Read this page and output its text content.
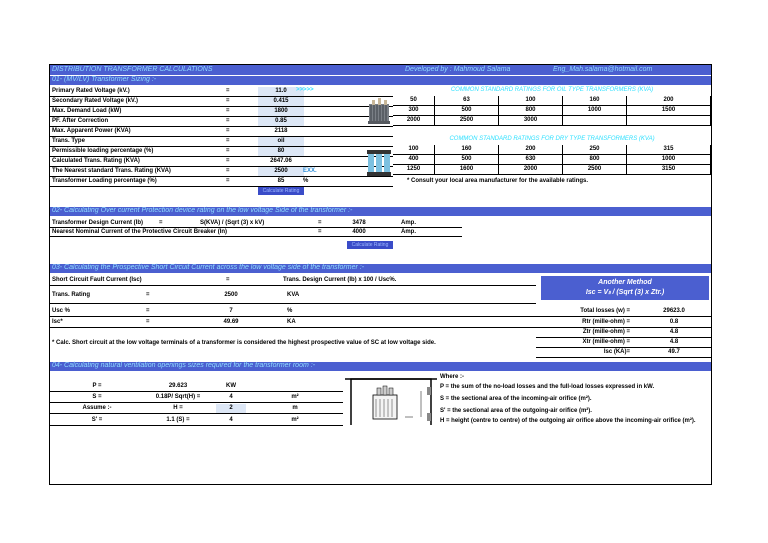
DISTRIBUTION TRANSFORMER CALCULATIONS	Developed by : Mahmoud Salama	Eng_Mah.salama@hotmail.com
01- (MV/LV) Transformer Sizing :-
Primary Rated Voltage (kV.)	=	11.0
Secondary Rated Voltage (kV.)	=	0.415
Max. Demand Load (kW)	=	1800
PF. After Correction	=	0.85
Max. Apparent Power (KVA)	=	2118
Trans. Type	=	oil
Permissible loading percentage (%)	=	80
Calculated Trans. Rating (KVA)	=	2647.06
The Nearest standard Trans. Rating (KVA)	=	2500
Transformer Loading percentage (%)	=	85
>>>>>
EXX.
%
Calculate Rating
COMMON STANDARD RATINGS FOR OIL TYPE TRANSFORMERS (KVA)
50	63	100	160	200
300	500	800	1000	1500
2000	2500	3000
COMMON STANDARD RATINGS FOR DRY TYPE TRANSFORMERS (KVA)
100	160	200	250	315
400	500	630	800	1000
1250	1600	2000	2500	3150
* Consult your local area manufacturer for the available ratings.
02- Calculating Over current Protection device rating on the low voltage Side of the transformer :-
Transformer Design Current (Ib)	=	S(KVA) / (Sqrt (3) x kV)	=	3478	Amp.
Nearest Nominal Current of the Protective Circuit Breaker (In)	=	4000	Amp.
Calculate Rating
03- Calculating the Prospective Short Circuit Current across the low voltage side of the transformer :-
Short Circuit Fault Current (Isc)	=	Trans. Design Current (Ib) x 100 / Usc%.
Trans. Rating	=	2500	KVA
Usc %	=	7	%
Isc*	=	49.69	KA
* Calc. Short circuit at the low voltage terminals of a transformer is considered the highest prospective value of SC at low voltage side.
Another Method
Isc = Vₗₗ / (Sqrt (3) x Ztr.)
Total losses (w) =	29623.0
Rtr (mille-ohm) =	0.8
Ztr (mille-ohm) =	4.8
Xtr (mille-ohm) =	4.8
Isc (KA)=	49.7
04- Calculating natural ventilation openings sizes required for the transformer room :-
P =	29.623	KW
S =	0.18P/ Sqrt(H) =	4	m²
Assume :-	H =	2	m
S' =	1.1 (S) =	4	m²
Where :-
P = the sum of the no-load losses and the full-load losses expressed in kW.
S = the sectional area of the incoming-air orifice (m²).
S' = the sectional area of the outgoing-air orifice (m²).
H = height (centre to centre) of the outgoing air orifice above the incoming-air orifice (m²).
